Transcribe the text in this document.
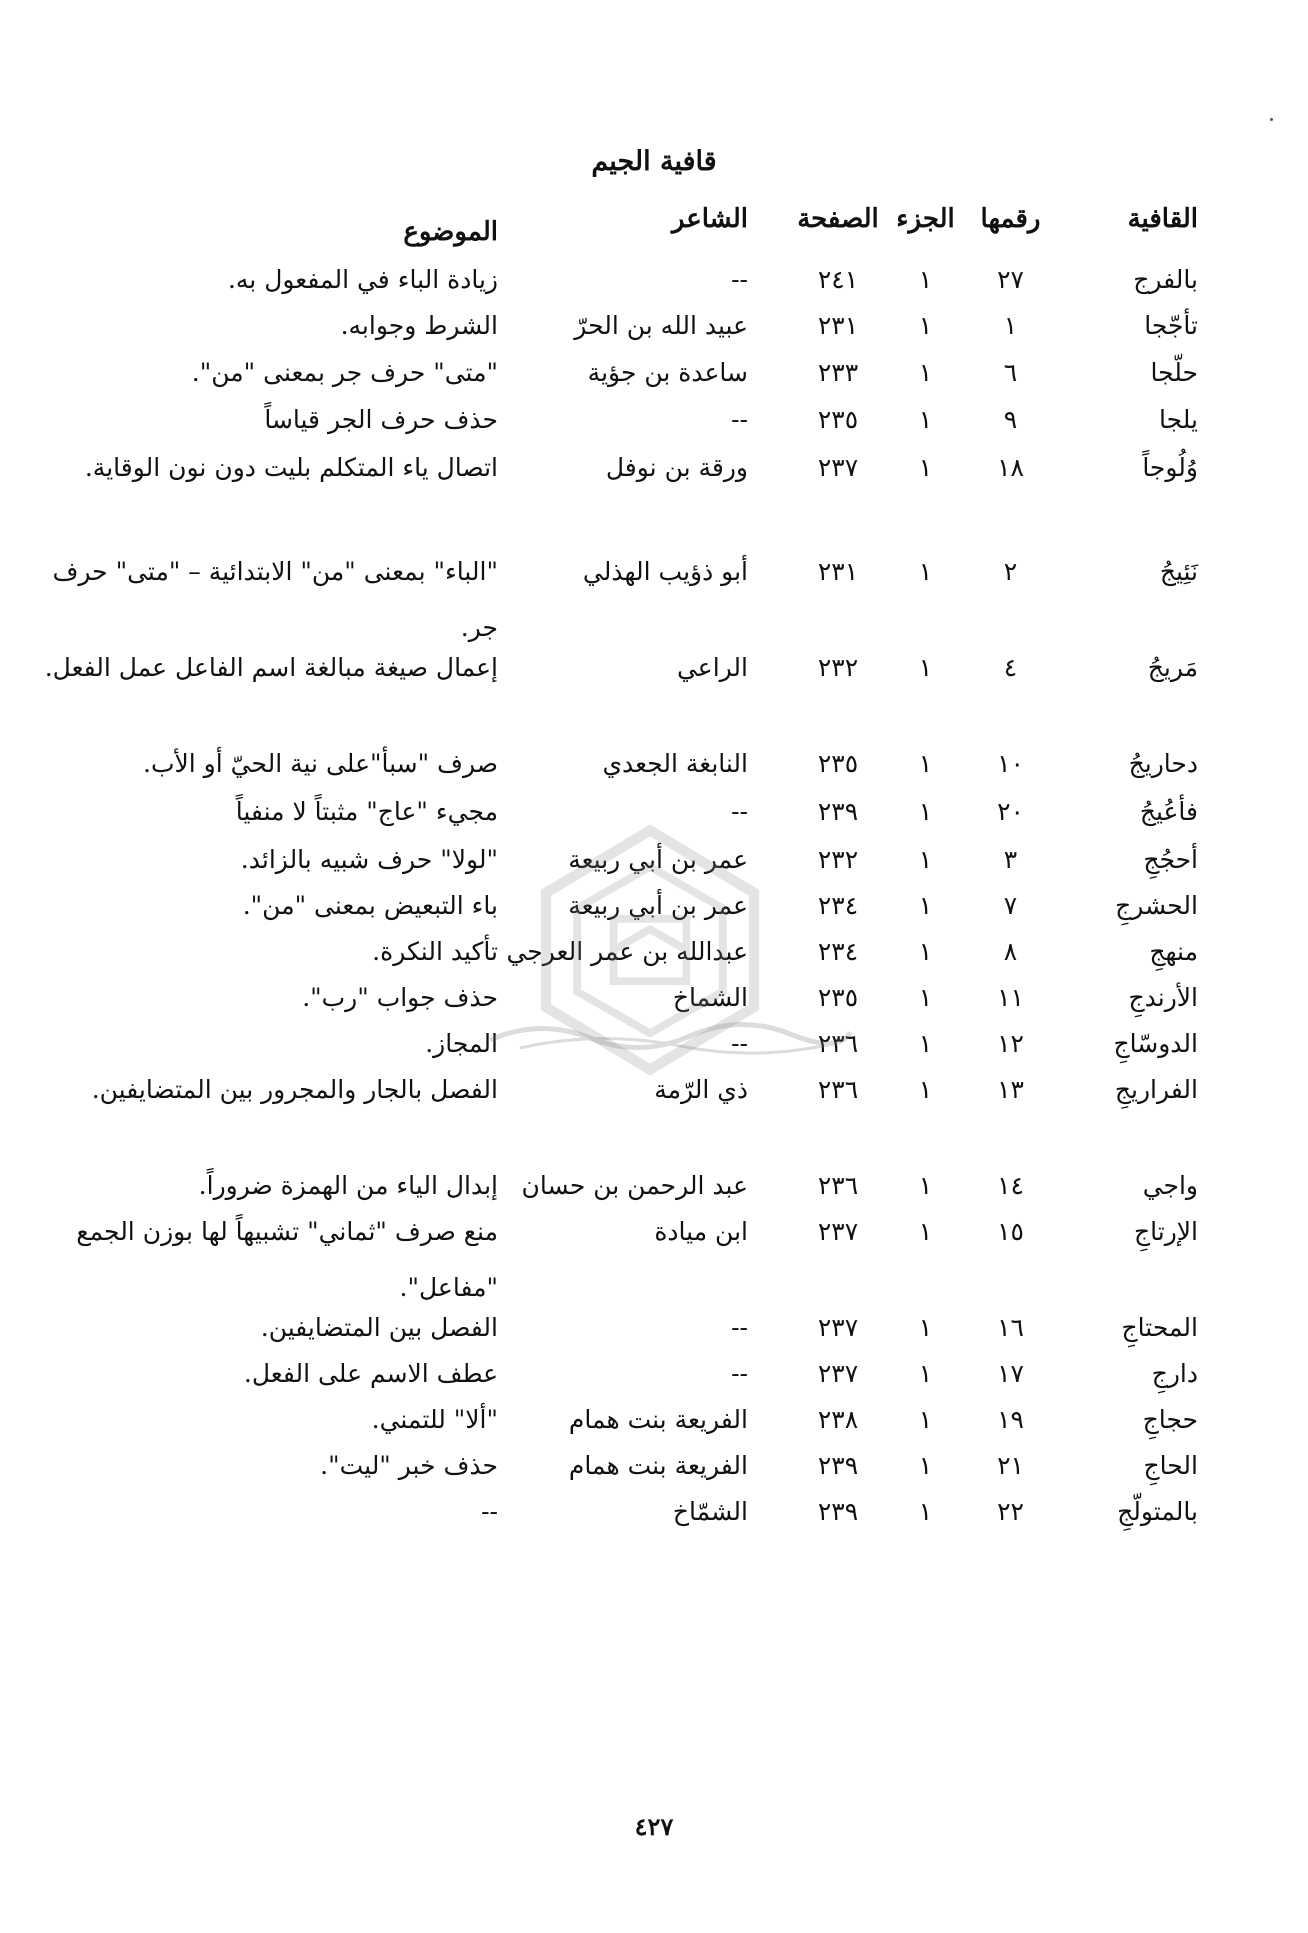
قافية الجيم
القافية
رقمها
الجزء
الصفحة
الشاعر
الموضوع
بالفرج
٢٧
١
٢٤١
--
زيادة الباء في المفعول به.
تأجّجا
١
١
٢٣١
عبيد الله بن الحرّ
الشرط وجوابه.
حلّجا
٦
١
٢٣٣
ساعدة بن جؤية
"متى" حرف جر بمعنى "من".
يلجا
٩
١
٢٣٥
--
حذف حرف الجر قياساً
وُلُوجاً
١٨
١
٢٣٧
ورقة بن نوفل
اتصال ياء المتكلم بليت دون نون الوقاية.
نَئِيجُ
٢
١
٢٣١
أبو ذؤيب الهذلي
"الباء" بمعنى "من" الابتدائية – "متى" حرف جر.
مَريجُ
٤
١
٢٣٢
الراعي
إعمال صيغة مبالغة اسم الفاعل عمل الفعل.
دحاريجُ
١٠
١
٢٣٥
النابغة الجعدي
صرف "سبأ"على نية الحيّ أو الأب.
فأعُيجُ
٢٠
١
٢٣٩
--
مجيء "عاج" مثبتاً لا منفياً
أحجُجِ
٣
١
٢٣٢
عمر بن أبي ربيعة
"لولا" حرف شبيه بالزائد.
الحشرجِ
٧
١
٢٣٤
عمر بن أبي ربيعة
باء التبعيض بمعنى "من".
منهجِ
٨
١
٢٣٤
عبدالله بن عمر العرجي
تأكيد النكرة.
الأرندجِ
١١
١
٢٣٥
الشماخ
حذف جواب "رب".
الدوسّاجِ
١٢
١
٢٣٦
--
المجاز.
الفراريجِ
١٣
١
٢٣٦
ذي الرّمة
الفصل بالجار والمجرور بين المتضايفين.
واجي
١٤
١
٢٣٦
عبد الرحمن بن حسان
إبدال الياء من الهمزة ضروراً.
الإرتاجِ
١٥
١
٢٣٧
ابن ميادة
منع صرف "ثماني" تشبيهاً لها بوزن الجمع "مفاعل".
المحتاجِ
١٦
١
٢٣٧
--
الفصل بين المتضايفين.
دارجِ
١٧
١
٢٣٧
--
عطف الاسم على الفعل.
حجاجِ
١٩
١
٢٣٨
الفريعة بنت همام
"ألا" للتمني.
الحاجِ
٢١
١
٢٣٩
الفريعة بنت همام
حذف خبر "ليت".
بالمتولّجِ
٢٢
١
٢٣٩
الشمّاخ
--
٤٢٧
